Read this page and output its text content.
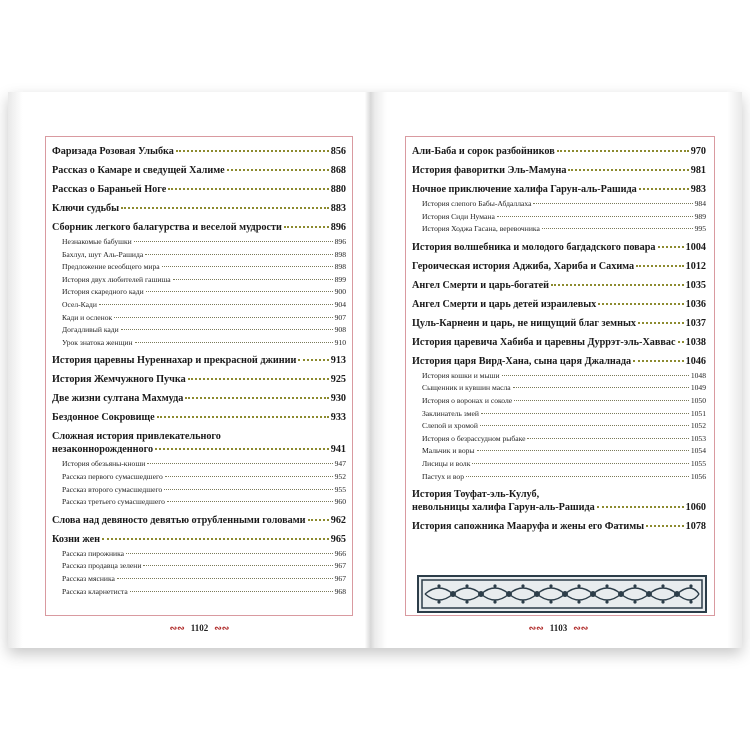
Фаризада Розовая Улыбка	856
Рассказ о Камаре и сведущей Халиме	868
Рассказ о Бараньей Ноге	880
Ключи судьбы	883
Сборник легкого балагурства и веселой мудрости	896
Незнакомые бабушки	896
Бахлул, шут Аль-Рашида	898
Предложение всеобщего мира	898
История двух любителей гашиша	899
История скаредного кади	900
Осел-Кади	904
Кади и осленок	907
Догадливый кади	908
Урок знатока женщин	910
История царевны Нуреннахар и прекрасной джинии	913
История Жемчужного Пучка	925
Две жизни султана Махмуда	930
Бездонное Сокровище	933
Сложная история привлекательного
незаконнорожденного	941
История обезьяны-кноши	947
Рассказ первого сумасшедшего	952
Рассказ второго сумасшедшего	955
Рассказ третьего сумасшедшего	960
Слова над девяносто девятью отрубленными головами 962
Козни жен	965
Рассказ пирожника	966
Рассказ продавца зелени	967
Рассказ мясника	967
Рассказ кларнетиста	968
∾∾ 1102 ∾∾
Али-Баба и сорок разбойников	970
История фаворитки Эль-Мамуна	981
Ночное приключение халифа Гарун-аль-Рашида	983
История слепого Бабы-Абдаллаха	984
История Сиди Нумана	989
История Ходжа Гасана, веревочника	995
История волшебника и молодого багдадского повара	1004
Героическая история Аджиба, Хариба и Сахима	1012
Ангел Смерти и царь-богатей	1035
Ангел Смерти и царь детей израилевых	1036
Цуль-Карнеин и царь, не нищущий благ земных	1037
История царевича Хабиба и царевны Дуррэт-эль-Хаввас 1038
История царя Вирд-Хана, сына царя Джалнада	1046
История кошки и мыши	1048
Сыщенник и кувшин масла	1049
История о воронах и соколе	1050
Заклинатель змей	1051
Слепой и хромой	1052
История о безрассудном рыбаке	1053
Мальчик и воры	1054
Лисицы и волк	1055
Пастух и вор	1056
История Тоуфат-эль-Кулуб,
невольницы халифа Гарун-аль-Рашида	1060
История сапожника Мааруфа и жены его Фатимы	1078
∾∾ 1103 ∾∾
